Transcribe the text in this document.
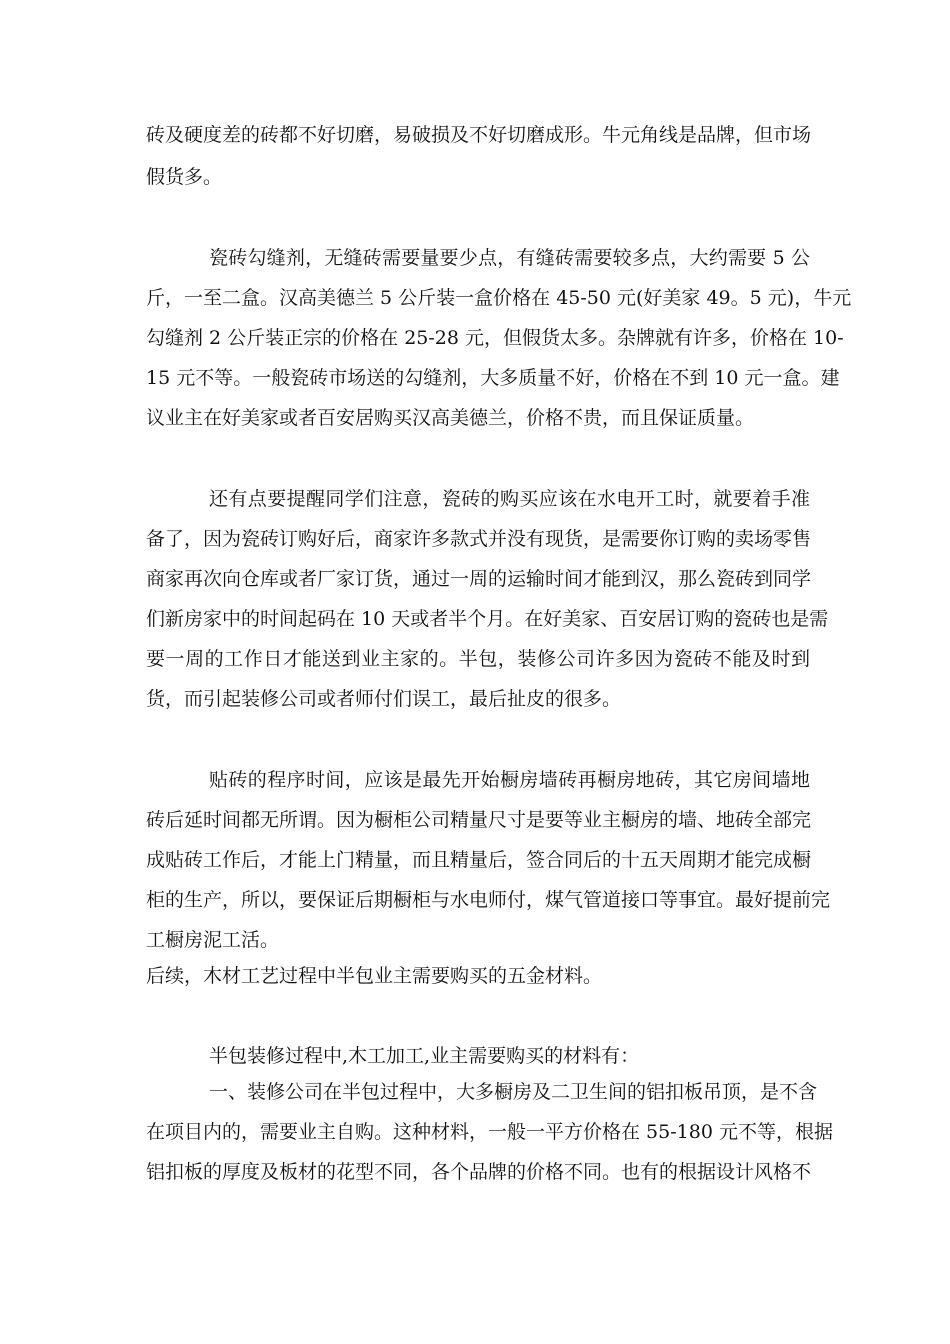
砖及硬度差的砖都不好切磨，易破损及不好切磨成形。牛元角线是品牌，但市场
假货多。
瓷砖勾缝剂，无缝砖需要量要少点，有缝砖需要较多点，大约需要 5 公
斤，一至二盒。汉高美德兰 5 公斤装一盒价格在 45-50 元(好美家 49。5 元)，牛元
勾缝剂 2 公斤装正宗的价格在 25-28 元，但假货太多。杂牌就有许多，价格在 10-
15 元不等。一般瓷砖市场送的勾缝剂，大多质量不好，价格在不到 10 元一盒。建
议业主在好美家或者百安居购买汉高美德兰，价格不贵，而且保证质量。
还有点要提醒同学们注意，瓷砖的购买应该在水电开工时，就要着手准
备了，因为瓷砖订购好后，商家许多款式并没有现货，是需要你订购的卖场零售
商家再次向仓库或者厂家订货，通过一周的运输时间才能到汉，那么瓷砖到同学
们新房家中的时间起码在 10 天或者半个月。在好美家、百安居订购的瓷砖也是需
要一周的工作日才能送到业主家的。半包，装修公司许多因为瓷砖不能及时到
货，而引起装修公司或者师付们误工，最后扯皮的很多。
贴砖的程序时间，应该是最先开始橱房墙砖再橱房地砖，其它房间墙地
砖后延时间都无所谓。因为橱柜公司精量尺寸是要等业主橱房的墙、地砖全部完
成贴砖工作后，才能上门精量，而且精量后，签合同后的十五天周期才能完成橱
柜的生产，所以，要保证后期橱柜与水电师付，煤气管道接口等事宜。最好提前完
工橱房泥工活。
后续，木材工艺过程中半包业主需要购买的五金材料。
半包装修过程中,木工加工,业主需要购买的材料有：
一、装修公司在半包过程中，大多橱房及二卫生间的铝扣板吊顶，是不含
在项目内的，需要业主自购。这种材料，一般一平方价格在 55-180 元不等，根据
铝扣板的厚度及板材的花型不同，各个品牌的价格不同。也有的根据设计风格不
